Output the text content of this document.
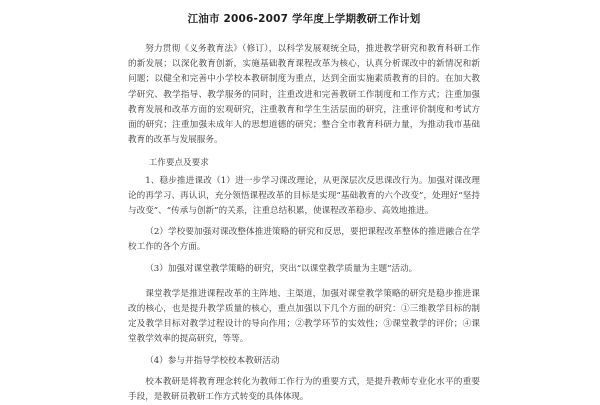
江油市 2006-2007 学年度上学期教研工作计划

努力贯彻《义务教育法》（修订），以科学发展观统全局，推进教学研究和教育科研工作的新发展；以深化教育创新，实施基础教育课程改革为核心，认真分析课改中的新情况和新问题；以健全和完善中小学校本教研制度为重点，达到全面实施素质教育的目的。在加大教学研究、教学指导、教学服务的同时，注重改进和完善教研工作制度和工作方式；注重加强教育发展和改革方面的宏观研究，注重教育和学生生活层面的研究，注重评价制度和考试方面的研究；注重加强未成年人的思想道德的研究；整合全市教育科研力量，为推动我市基础教育的改革与发展服务。

工作要点及要求

1、稳步推进课改（1）进一步学习课改理论，从更深层次反思课改行为。加强对课改理论的再学习、再认识，充分领悟课程改革的目标是实现“基础教育的六个改变”，处理好“坚持与改变”、“传承与创新”的关系，注重总结积累，使课程改革稳步、高效地推进。

（2）学校要加强对课改整体推进策略的研究和反思，要把课程改革整体的推进融合在学校工作的各个方面。

（3）加强对课堂教学策略的研究，突出“以课堂教学质量为主题”活动。

课堂教学是推进课程改革的主阵地、主渠道，加强对课堂教学策略的研究是稳步推进课改的核心，也是提升教学质量的核心，重点加强以下几个方面的研究：①三维教学目标的制定及教学目标对教学过程设计的导向作用；②教学环节的实效性；③课堂教学的评价；④课堂教学效率的提高研究，等等。

（4）参与并指导学校校本教研活动

校本教研是将教育理念转化为教师工作行为的重要方式，是提升教师专业化水平的重要手段，是教研员教研工作方式转变的具体体现。
